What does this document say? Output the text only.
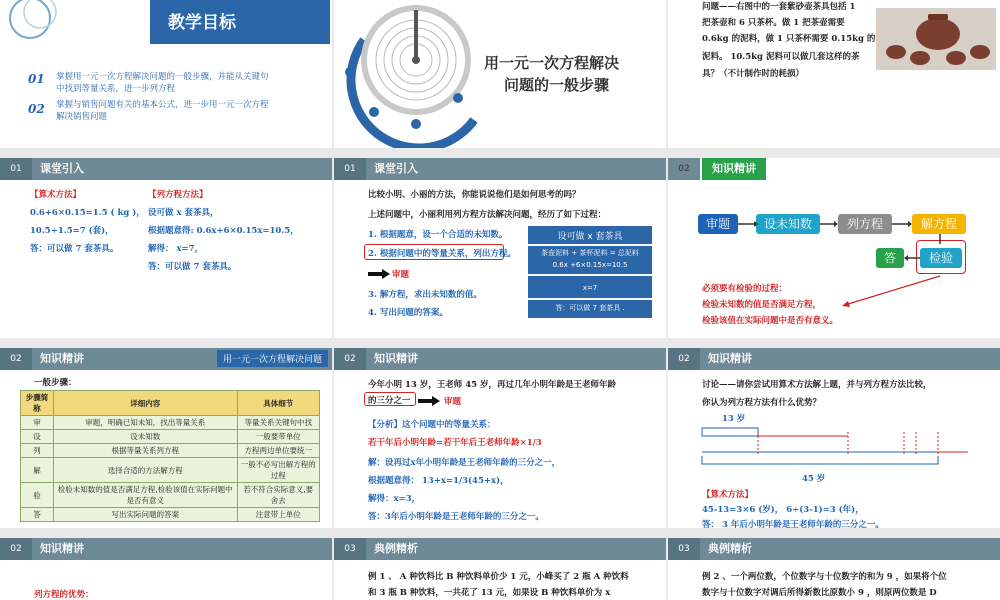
教学目标
01 掌握用一元一次方程解决问题的一般步骤，并能从关键句
中找到等量关系，进一步列方程
02 掌握与销售问题有关的基本公式，进一步用一元一次方程
解决销售问题
用一元一次方程解决
问题的一般步骤
问题——右图中的一套紫砂壶茶具包括 1
把茶壶和 6 只茶杯。做 1 把茶壶需要
0.6kg 的泥料，做 1 只茶杯需要 0.15kg 的
泥料。 10.5kg 泥料可以做几套这样的茶
具？（不计制作时的耗损）
01	课堂引入
【算术方法】
0.6+6×0.15=1.5 ( kg )，
10.5÷1.5=7 (套)，
答：可以做 7 套茶具。
【列方程方法】
设可做 x 套茶具，
根据题意得: 0.6x+6×0.15x=10.5，
解得： x=7，
答：可以做 7 套茶具。
01	课堂引入
比较小明、小丽的方法，你能说说他们是如何思考的吗？
上述问题中，小丽利用列方程方法解决问题，经历了如下过程：
1. 根据题意，设一个合适的未知数。
2. 根据问题中的等量关系，列出方程。
审题
3. 解方程，求出未知数的值。
4. 写出问题的答案。
设可做 x 套茶具
茶壶泥料 + 茶杯泥料 = 总泥料
0.6x +6×0.15x=10.5
x=7
答：可以做 7 套茶具 .
02	知识精讲
审题	设未知数	列方程	解方程
答	检验
必须要有检验的过程：
检验未知数的值是否满足方程，
检验该值在实际问题中是否有意义。
02	知识精讲	用一元一次方程解决问题
一般步骤：
步骤简称	详细内容	具体细节
审	审题，明确已知未知，找出等量关系	等量关系关键句中找
设	设未知数	一般要带单位
列	根据等量关系列方程	方程两边单位要统一
解	选择合适的方法解方程	一般不必写出解方程的过程
验	检验未知数的值是否满足方程,检验该值在实际问题中是否有意义	若不符合实际意义,要舍去
答	写出实际问题的答案	注意带上单位
02	知识精讲
今年小明 13 岁，王老师 45 岁，再过几年小明年龄是王老师年龄
的三分之一	审题
【分析】这个问题中的等量关系：
若干年后小明年龄=若干年后王老师年龄×1/3
解：设再过x年小明年龄是王老师年龄的三分之一，
根据题意得： 13+x=1/3(45+x)，
解得：x=3，
答：3年后小明年龄是王老师年龄的三分之一。
02	知识精讲
讨论——请你尝试用算术方法解上题，并与列方程方法比较，
你认为列方程方法有什么优势？
13 岁
45 岁
【算术方法】
45-13=3×6 (岁)， 6÷(3-1)=3 (年)，
答： 3 年后小明年龄是王老师年龄的三分之一。
02	知识精讲
列方程的优势：
03	典例精析
例 1 、 A 种饮料比 B 种饮料单价少 1 元，小峰买了 2 瓶 A 种饮料
和 3 瓶 B 种饮料，一共花了 13 元，如果设 B 种饮料单价为 x
03	典例精析
例 2 、一个两位数，个位数字与十位数字的和为 9 ，如果将个位
数字与十位数字对调后所得新数比原数小 9 ，则原两位数是 D
